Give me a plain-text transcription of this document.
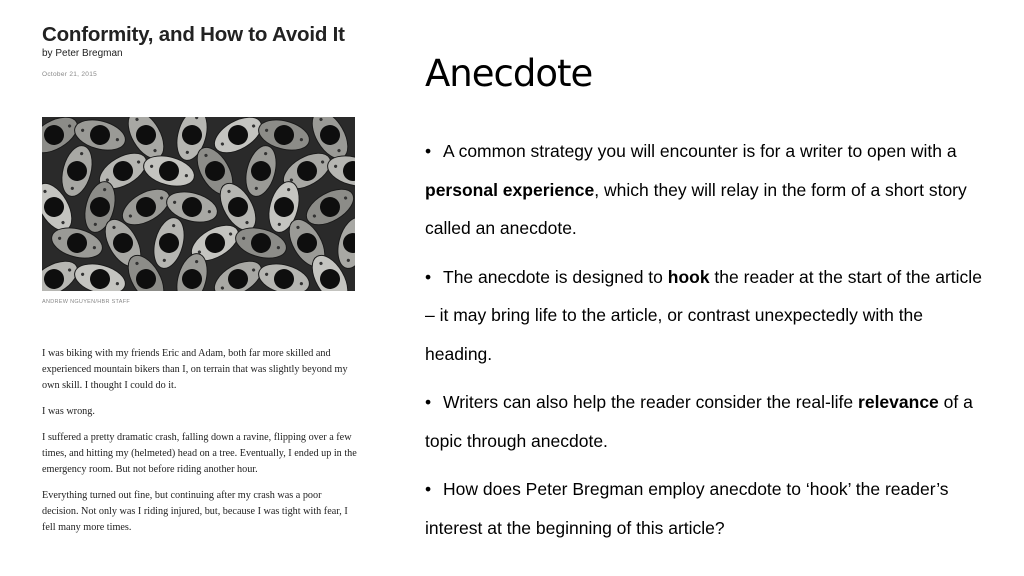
Conformity, and How to Avoid It
by Peter Bregman
October 21, 2015
ANDREW NGUYEN/HBR STAFF

I was biking with my friends Eric and Adam, both far more skilled and experienced mountain bikers than I, on terrain that was slightly beyond my own skill. I thought I could do it.

I was wrong.

I suffered a pretty dramatic crash, falling down a ravine, flipping over a few times, and hitting my (helmeted) head on a tree. Eventually, I ended up in the emergency room. But not before riding another hour.

Everything turned out fine, but continuing after my crash was a poor decision. Not only was I riding injured, but, because I was tight with fear, I fell many more times.

Anecdote
• A common strategy you will encounter is for a writer to open with a personal experience, which they will relay in the form of a short story called an anecdote.
• The anecdote is designed to hook the reader at the start of the article – it may bring life to the article, or contrast unexpectedly with the heading.
• Writers can also help the reader consider the real-life relevance of a topic through anecdote.
• How does Peter Bregman employ anecdote to ‘hook’ the reader’s interest at the beginning of this article?
